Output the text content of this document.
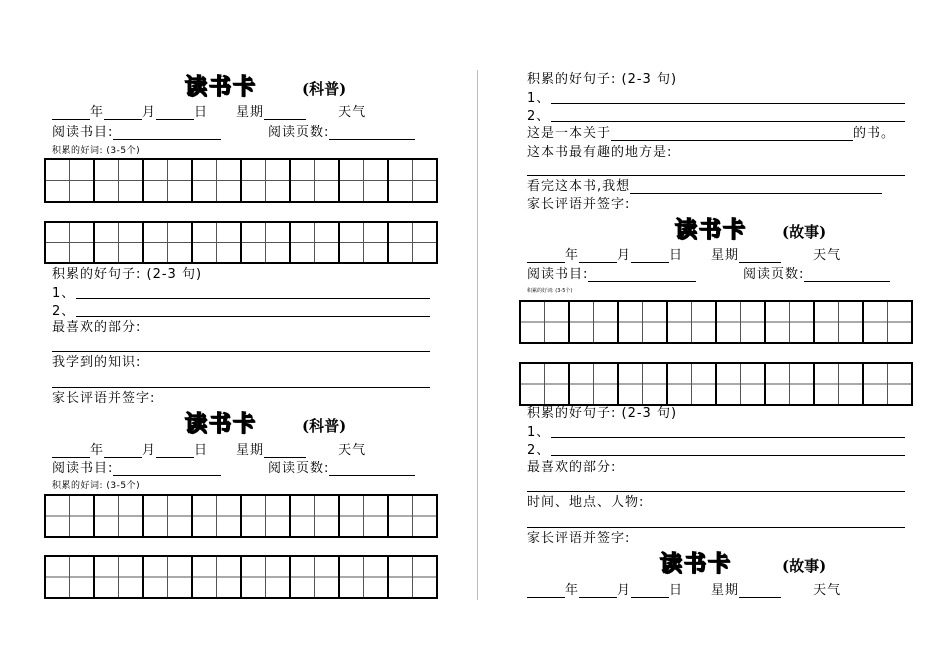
读书卡	(科普)
年	月	日 星期	天气
阅读书目:	阅读页数:
积累的好词: (3-5个)
积累的好句子: (2-3 句)
1、
2、
最喜欢的部分:
我学到的知识:
家长评语并签字:
读书卡	(科普)
年	月	日 星期	天气
阅读书目:	阅读页数:
积累的好词: (3-5个)
积累的好句子: (2-3 句)
1、
2、
这是一本关于	的书。
这本书最有趣的地方是:
看完这本书,我想
家长评语并签字:
读书卡 (故事)
年	月	日 星期	天气
阅读书目:	阅读页数:
积累的好词: (3-5个)
积累的好句子: (2-3 句)
1、
2、
最喜欢的部分:
时间、地点、人物:
家长评语并签字:
读书卡	(故事)
年	月	日 星期	天气
